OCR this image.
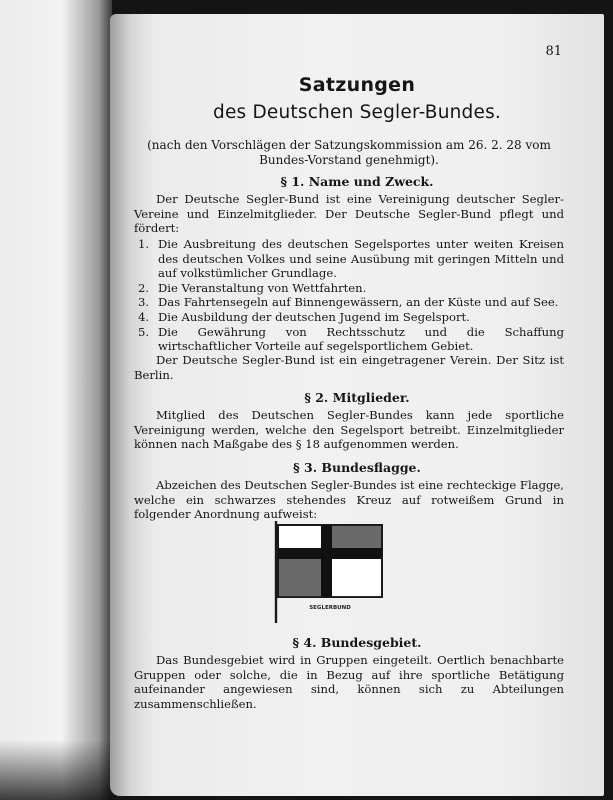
81
Satzungen
des Deutschen Segler-Bundes.
(nach den Vorschlägen der Satzungskommission am 26. 2. 28 vom Bundes-Vorstand genehmigt).
§ 1. Name und Zweck.
Der Deutsche Segler-Bund ist eine Vereinigung deutscher Segler-Vereine und Einzelmitglieder. Der Deutsche Segler-Bund pflegt und fördert:
1. Die Ausbreitung des deutschen Segelsportes unter weiten Kreisen des deutschen Volkes und seine Ausübung mit geringen Mitteln und auf volkstümlicher Grundlage.
2. Die Veranstaltung von Wettfahrten.
3. Das Fahrtensegeln auf Binnengewässern, an der Küste und auf See.
4. Die Ausbildung der deutschen Jugend im Segelsport.
5. Die Gewährung von Rechtsschutz und die Schaffung wirtschaftlicher Vorteile auf segelsportlichem Gebiet.
Der Deutsche Segler-Bund ist ein eingetragener Verein. Der Sitz ist Berlin.
§ 2. Mitglieder.
Mitglied des Deutschen Segler-Bundes kann jede sportliche Vereinigung werden, welche den Segelsport betreibt. Einzelmitglieder können nach Maßgabe des § 18 aufgenommen werden.
§ 3. Bundesflagge.
Abzeichen des Deutschen Segler-Bundes ist eine rechteckige Flagge, welche ein schwarzes stehendes Kreuz auf rotweißem Grund in folgender Anordnung aufweist:
SEGLERBUND
§ 4. Bundesgebiet.
Das Bundesgebiet wird in Gruppen eingeteilt. Oertlich benachbarte Gruppen oder solche, die in Bezug auf ihre sportliche Betätigung aufeinander angewiesen sind, können sich zu Abteilungen zusammenschließen.
